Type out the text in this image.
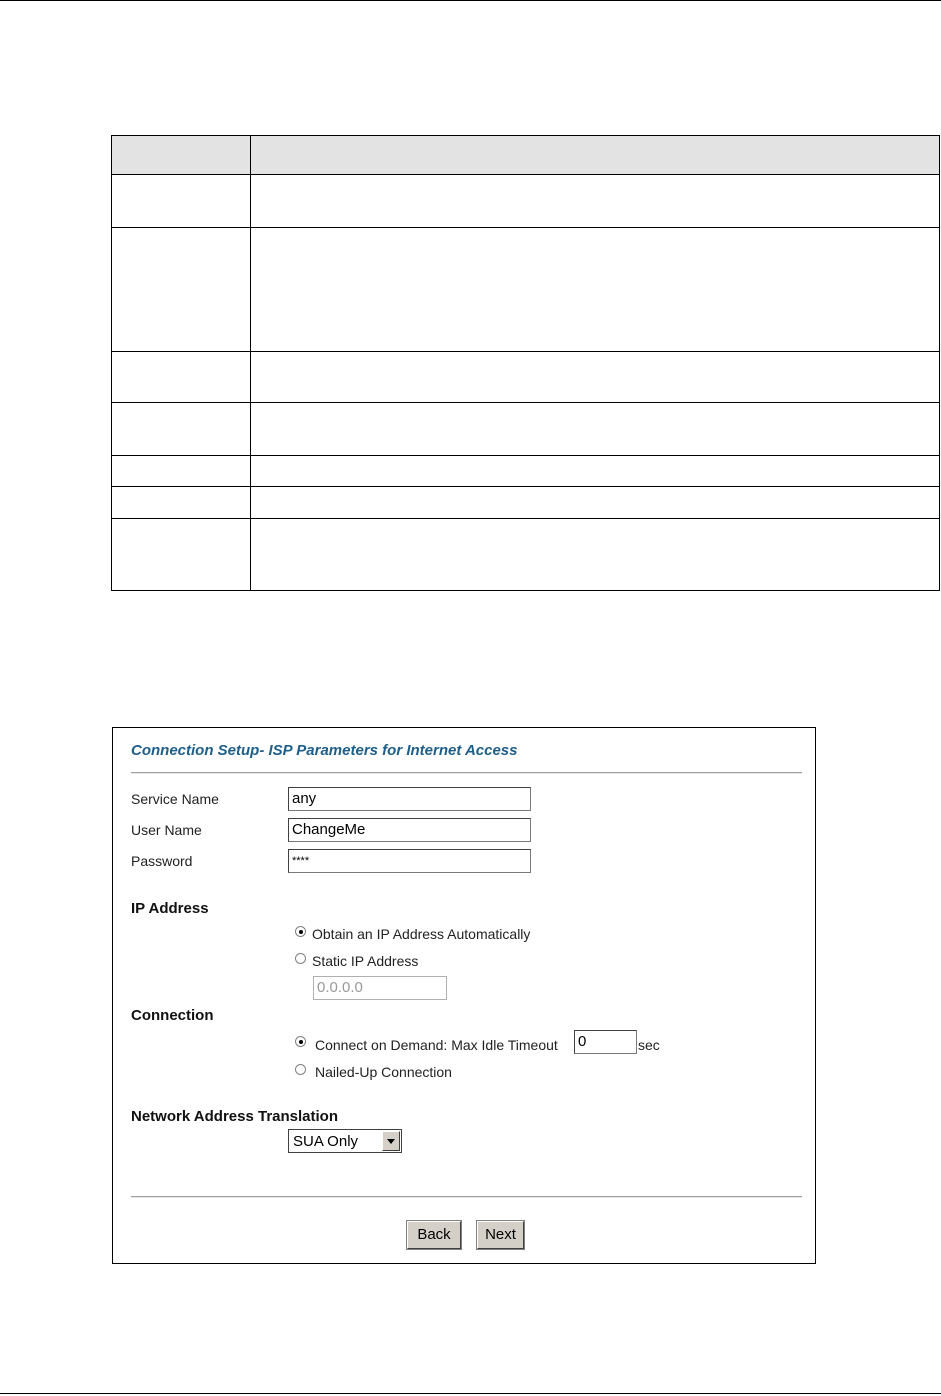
Connection Setup- ISP Parameters for Internet Access
Service Name	any
User Name	ChangeMe
Password	****
IP Address
Obtain an IP Address Automatically
Static IP Address
0.0.0.0
Connection
Connect on Demand: Max Idle Timeout 0	sec
Nailed-Up Connection
Network Address Translation
SUA Only
Back	Next
